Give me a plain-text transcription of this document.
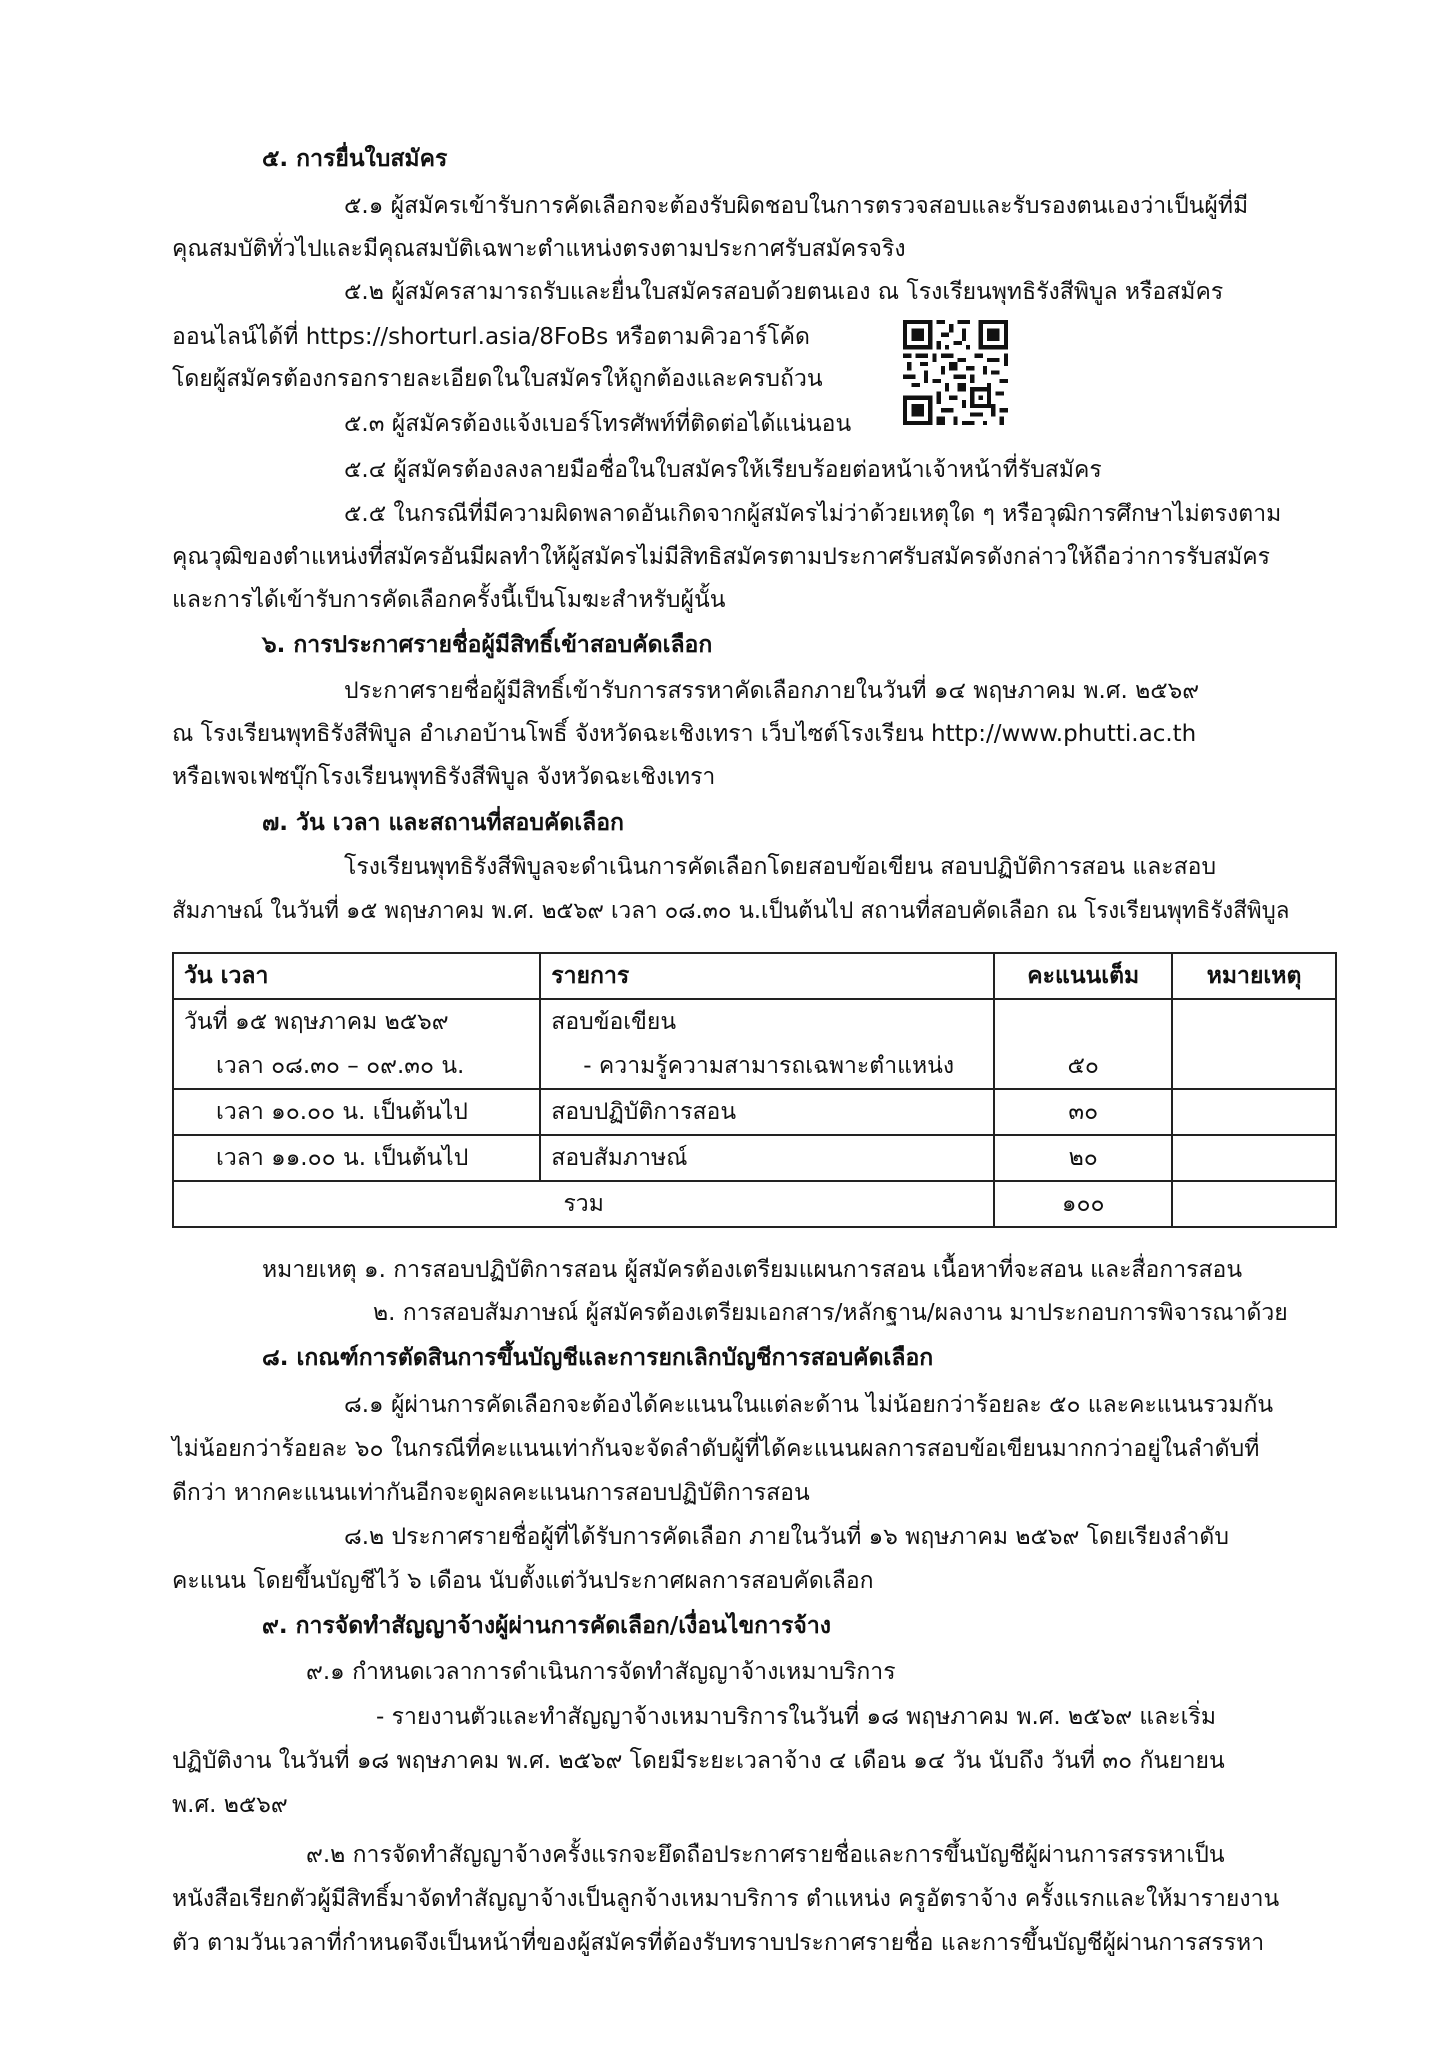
๕. การยื่นใบสมัคร
๕.๑ ผู้สมัครเข้ารับการคัดเลือกจะต้องรับผิดชอบในการตรวจสอบและรับรองตนเองว่าเป็นผู้ที่มี
คุณสมบัติทั่วไปและมีคุณสมบัติเฉพาะตำแหน่งตรงตามประกาศรับสมัครจริง
๕.๒ ผู้สมัครสามารถรับและยื่นใบสมัครสอบด้วยตนเอง ณ โรงเรียนพุทธิรังสีพิบูล หรือสมัคร
ออนไลน์ได้ที่ https://shorturl.asia/8FoBs หรือตามคิวอาร์โค้ด
โดยผู้สมัครต้องกรอกรายละเอียดในใบสมัครให้ถูกต้องและครบถ้วน
๕.๓ ผู้สมัครต้องแจ้งเบอร์โทรศัพท์ที่ติดต่อได้แน่นอน
๕.๔ ผู้สมัครต้องลงลายมือชื่อในใบสมัครให้เรียบร้อยต่อหน้าเจ้าหน้าที่รับสมัคร
๕.๕ ในกรณีที่มีความผิดพลาดอันเกิดจากผู้สมัครไม่ว่าด้วยเหตุใด ๆ หรือวุฒิการศึกษาไม่ตรงตาม
คุณวุฒิของตำแหน่งที่สมัครอันมีผลทำให้ผู้สมัครไม่มีสิทธิสมัครตามประกาศรับสมัครดังกล่าวให้ถือว่าการรับสมัคร
และการได้เข้ารับการคัดเลือกครั้งนี้เป็นโมฆะสำหรับผู้นั้น
๖. การประกาศรายชื่อผู้มีสิทธิ์เข้าสอบคัดเลือก
ประกาศรายชื่อผู้มีสิทธิ์เข้ารับการสรรหาคัดเลือกภายในวันที่ ๑๔ พฤษภาคม พ.ศ. ๒๕๖๙
ณ โรงเรียนพุทธิรังสีพิบูล อำเภอบ้านโพธิ์ จังหวัดฉะเชิงเทรา เว็บไซต์โรงเรียน http://www.phutti.ac.th
หรือเพจเฟซบุ๊กโรงเรียนพุทธิรังสีพิบูล จังหวัดฉะเชิงเทรา
๗. วัน เวลา และสถานที่สอบคัดเลือก
โรงเรียนพุทธิรังสีพิบูลจะดำเนินการคัดเลือกโดยสอบข้อเขียน สอบปฏิบัติการสอน และสอบ
สัมภาษณ์ ในวันที่ ๑๕ พฤษภาคม พ.ศ. ๒๕๖๙ เวลา ๐๘.๓๐ น.เป็นต้นไป สถานที่สอบคัดเลือก ณ โรงเรียนพุทธิรังสีพิบูล
วัน เวลา	รายการ	คะแนนเต็ม	หมายเหตุ
วันที่ ๑๕ พฤษภาคม ๒๕๖๙	สอบข้อเขียน		
เวลา ๐๘.๓๐ – ๐๙.๓๐ น.	- ความรู้ความสามารถเฉพาะตำแหน่ง	๕๐	
เวลา ๑๐.๐๐ น. เป็นต้นไป	สอบปฏิบัติการสอน	๓๐	
เวลา ๑๑.๐๐ น. เป็นต้นไป	สอบสัมภาษณ์	๒๐	
รวม		๑๐๐	
หมายเหตุ ๑. การสอบปฏิบัติการสอน ผู้สมัครต้องเตรียมแผนการสอน เนื้อหาที่จะสอน และสื่อการสอน
๒. การสอบสัมภาษณ์ ผู้สมัครต้องเตรียมเอกสาร/หลักฐาน/ผลงาน มาประกอบการพิจารณาด้วย
๘. เกณฑ์การตัดสินการขึ้นบัญชีและการยกเลิกบัญชีการสอบคัดเลือก
๘.๑ ผู้ผ่านการคัดเลือกจะต้องได้คะแนนในแต่ละด้าน ไม่น้อยกว่าร้อยละ ๕๐ และคะแนนรวมกัน
ไม่น้อยกว่าร้อยละ ๖๐ ในกรณีที่คะแนนเท่ากันจะจัดลำดับผู้ที่ได้คะแนนผลการสอบข้อเขียนมากกว่าอยู่ในลำดับที่
ดีกว่า หากคะแนนเท่ากันอีกจะดูผลคะแนนการสอบปฏิบัติการสอน
๘.๒ ประกาศรายชื่อผู้ที่ได้รับการคัดเลือก ภายในวันที่ ๑๖ พฤษภาคม ๒๕๖๙ โดยเรียงลำดับ
คะแนน โดยขึ้นบัญชีไว้ ๖ เดือน นับตั้งแต่วันประกาศผลการสอบคัดเลือก
๙. การจัดทำสัญญาจ้างผู้ผ่านการคัดเลือก/เงื่อนไขการจ้าง
๙.๑ กำหนดเวลาการดำเนินการจัดทำสัญญาจ้างเหมาบริการ
- รายงานตัวและทำสัญญาจ้างเหมาบริการในวันที่ ๑๘ พฤษภาคม พ.ศ. ๒๕๖๙ และเริ่ม
ปฏิบัติงาน ในวันที่ ๑๘ พฤษภาคม พ.ศ. ๒๕๖๙ โดยมีระยะเวลาจ้าง ๔ เดือน ๑๔ วัน นับถึง วันที่ ๓๐ กันยายน
พ.ศ. ๒๕๖๙
๙.๒ การจัดทำสัญญาจ้างครั้งแรกจะยึดถือประกาศรายชื่อและการขึ้นบัญชีผู้ผ่านการสรรหาเป็น
หนังสือเรียกตัวผู้มีสิทธิ์มาจัดทำสัญญาจ้างเป็นลูกจ้างเหมาบริการ ตำแหน่ง ครูอัตราจ้าง ครั้งแรกและให้มารายงาน
ตัว ตามวันเวลาที่กำหนดจึงเป็นหน้าที่ของผู้สมัครที่ต้องรับทราบประกาศรายชื่อ และการขึ้นบัญชีผู้ผ่านการสรรหา
